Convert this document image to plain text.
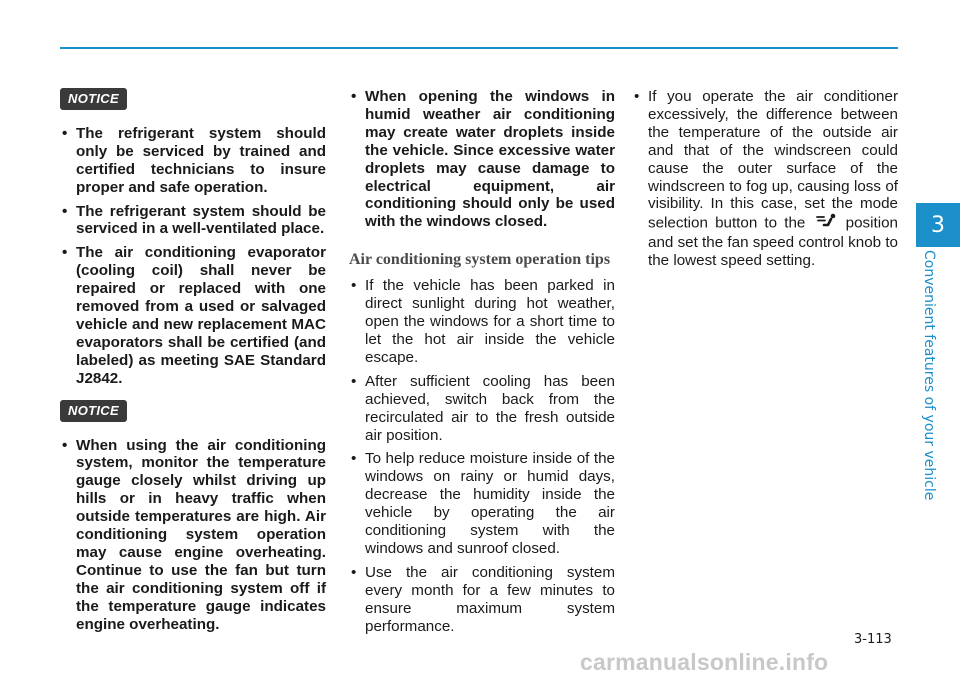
3
Convenient features of your vehicle
NOTICE
• The refrigerant system should only be serviced by trained and certified technicians to insure proper and safe operation.
• The refrigerant system should be serviced in a well-ventilated place.
• The air conditioning evaporator (cooling coil) shall never be repaired or replaced with one removed from a used or salvaged vehicle and new replacement MAC evaporators shall be certified (and labeled) as meeting SAE Standard J2842.
NOTICE
• When using the air conditioning system, monitor the temperature gauge closely whilst driving up hills or in heavy traffic when outside temperatures are high. Air conditioning system operation may cause engine overheating. Continue to use the fan but turn the air conditioning system off if the temperature gauge indicates engine overheating.
• When opening the windows in humid weather air conditioning may create water droplets inside the vehicle. Since excessive water droplets may cause damage to electrical equipment, air conditioning should only be used with the windows closed.
Air conditioning system operation tips
• If the vehicle has been parked in direct sunlight during hot weather, open the windows for a short time to let the hot air inside the vehicle escape.
• After sufficient cooling has been achieved, switch back from the recirculated air to the fresh outside air position.
• To help reduce moisture inside of the windows on rainy or humid days, decrease the humidity inside the vehicle by operating the air conditioning system with the windows and sunroof closed.
• Use the air conditioning system every month for a few minutes to ensure maximum system performance.
• If you operate the air conditioner excessively, the difference between the temperature of the outside air and that of the windscreen could cause the outer surface of the windscreen to fog up, causing loss of visibility. In this case, set the mode selection button to the	position and set the fan speed control knob to the lowest speed setting.
3-113
carmanualsonline.info
